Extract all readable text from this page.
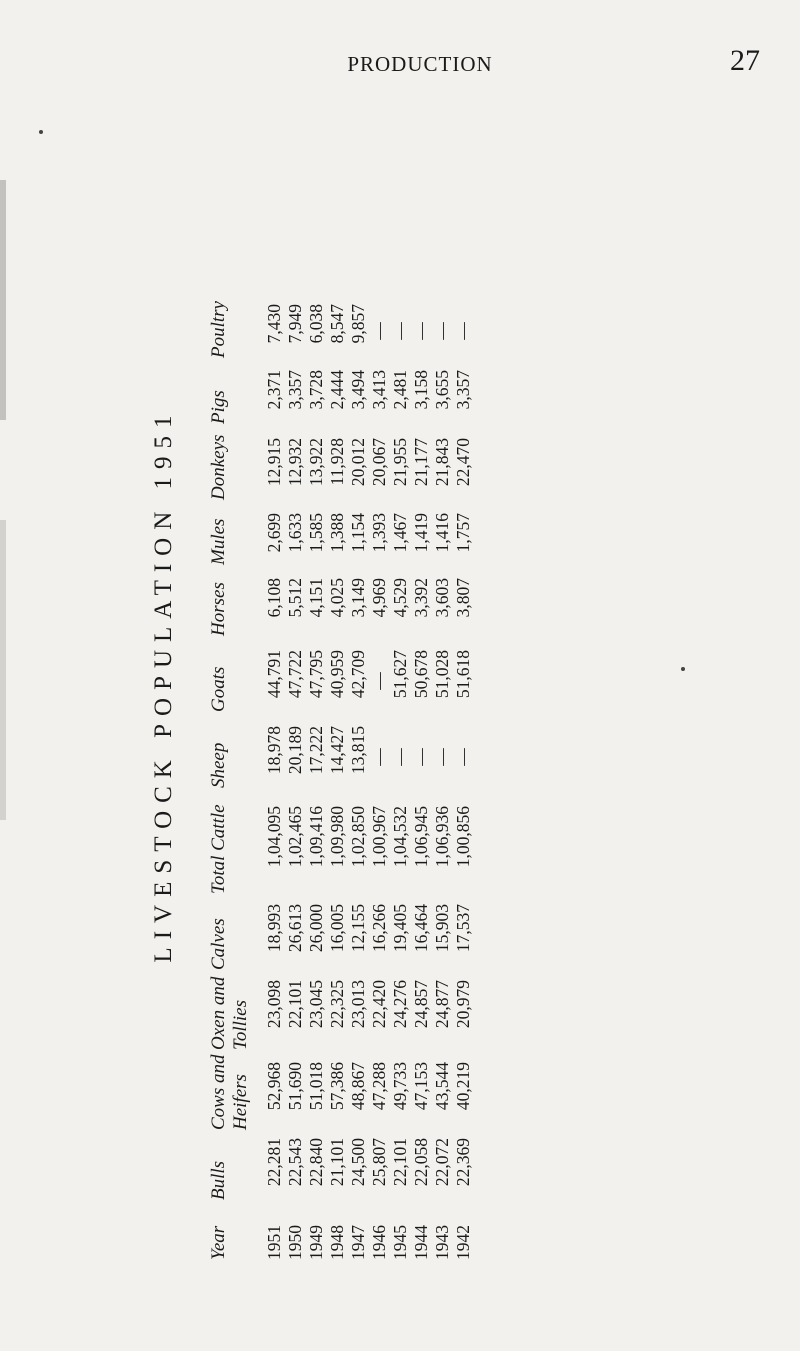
PRODUCTION	27
LIVESTOCK POPULATION 1951
Year
Bulls
Cows and Heifers
Oxen and Tollies
Calves
Total Cattle
Sheep
Goats
Horses
Mules
Donkeys
Pigs
Poultry
1951
22,281
52,968
23,098
18,993
1,04,095
18,978
44,791
6,108
2,699
12,915
2,371
7,430
1950
22,543
51,690
22,101
26,613
1,02,465
20,189
47,722
5,512
1,633
12,932
3,357
7,949
1949
22,840
51,018
23,045
26,000
1,09,416
17,222
47,795
4,151
1,585
13,922
3,728
6,038
1948
21,101
57,386
22,325
16,005
1,09,980
14,427
40,959
4,025
1,388
11,928
2,444
8,547
1947
24,500
48,867
23,013
12,155
1,02,850
13,815
42,709
3,149
1,154
20,012
3,494
9,857
1946
25,807
47,288
22,420
16,266
1,00,967
—
—
4,969
1,393
20,067
3,413
—
1945
22,101
49,733
24,276
19,405
1,04,532
—
51,627
4,529
1,467
21,955
2,481
—
1944
22,058
47,153
24,857
16,464
1,06,945
—
50,678
3,392
1,419
21,177
3,158
—
1943
22,072
43,544
24,877
15,903
1,06,936
—
51,028
3,603
1,416
21,843
3,655
—
1942
22,369
40,219
20,979
17,537
1,00,856
—
51,618
3,807
1,757
22,470
3,357
—
